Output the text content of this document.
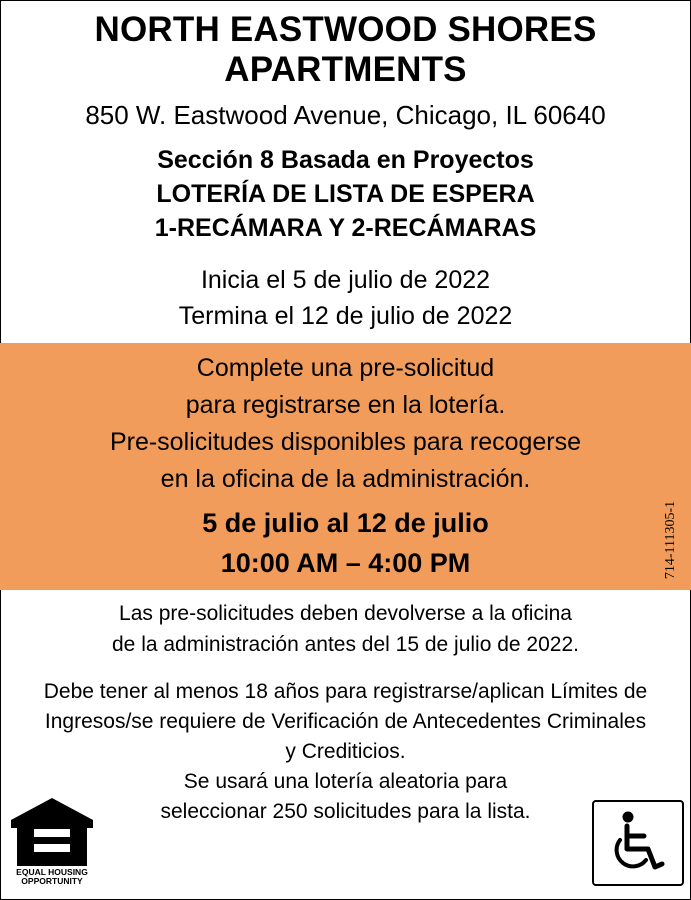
NORTH EASTWOOD SHORES
APARTMENTS
850 W. Eastwood Avenue, Chicago, IL 60640
Sección 8 Basada en Proyectos
LOTERÍA DE LISTA DE ESPERA
1-RECÁMARA Y 2-RECÁMARAS
Inicia el 5 de julio de 2022
Termina el 12 de julio de 2022
Complete una pre-solicitud
para registrarse en la lotería.
Pre-solicitudes disponibles para recogerse
en la oficina de la administración.
5 de julio al 12 de julio
10:00 AM – 4:00 PM	714-111305-1
Las pre-solicitudes deben devolverse a la oficina
de la administración antes del 15 de julio de 2022.
Debe tener al menos 18 años para registrarse/aplican Límites de
Ingresos/se requiere de Verificación de Antecedentes Criminales
y Crediticios.
Se usará una lotería aleatoria para
seleccionar 250 solicitudes para la lista.
EQUAL HOUSING
OPPORTUNITY
